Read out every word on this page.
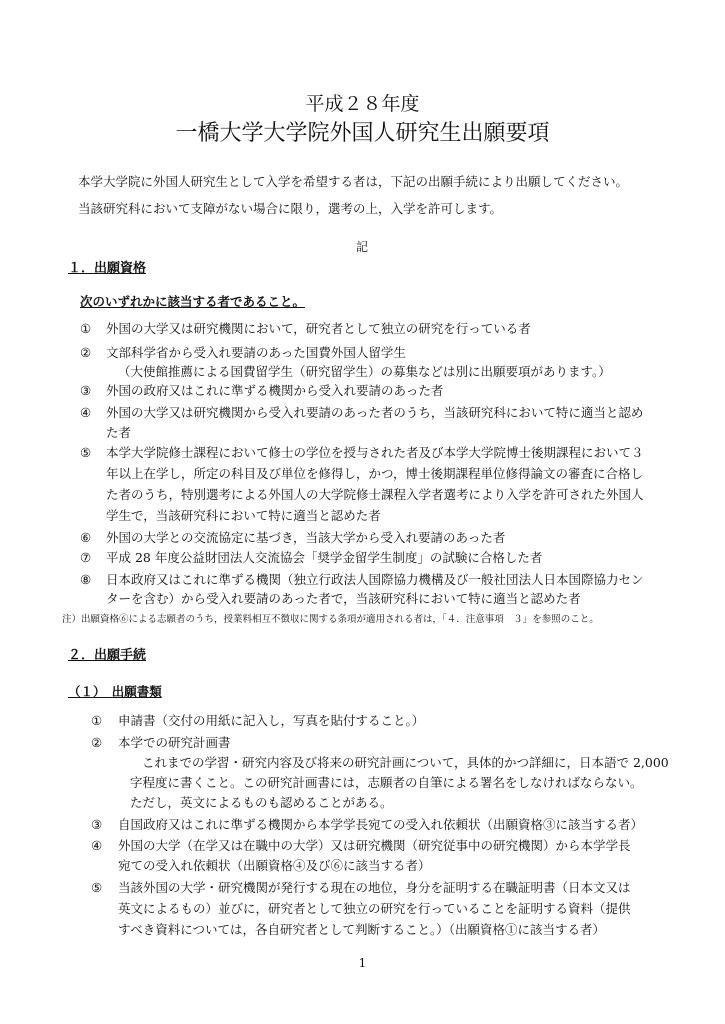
平成２８年度
一橋大学大学院外国人研究生出願要項
本学大学院に外国人研究生として入学を希望する者は，下記の出願手続により出願してください。
当該研究科において支障がない場合に限り，選考の上，入学を許可します。
記
１．出願資格
次のいずれかに該当する者であること。
① 外国の大学又は研究機関において，研究者として独立の研究を行っている者
② 文部科学省から受入れ要請のあった国費外国人留学生
（大使館推薦による国費留学生（研究留学生）の募集などは別に出願要項があります。）
③ 外国の政府又はこれに準ずる機関から受入れ要請のあった者
④ 外国の大学又は研究機関から受入れ要請のあった者のうち，当該研究科において特に適当と認め
た者
⑤ 本学大学院修士課程において修士の学位を授与された者及び本学大学院博士後期課程において３
年以上在学し，所定の科目及び単位を修得し，かつ，博士後期課程単位修得論文の審査に合格し
た者のうち，特別選考による外国人の大学院修士課程入学者選考により入学を許可された外国人
学生で，当該研究科において特に適当と認めた者
⑥ 外国の大学との交流協定に基づき，当該大学から受入れ要請のあった者
⑦ 平成 28 年度公益財団法人交流協会「奨学金留学生制度」の試験に合格した者
⑧ 日本政府又はこれに準ずる機関（独立行政法人国際協力機構及び一般社団法人日本国際協力セン
ターを含む）から受入れ要請のあった者で，当該研究科において特に適当と認めた者
注）出願資格⑥による志願者のうち，授業料相互不徴収に関する条項が適用される者は，「４．注意事項　３」を参照のこと。
２．出願手続
（１）　出願書類
① 申請書（交付の用紙に記入し，写真を貼付すること。）
② 本学での研究計画書
これまでの学習・研究内容及び将来の研究計画について，具体的かつ詳細に，日本語で 2,000
字程度に書くこと。この研究計画書には，志願者の自筆による署名をしなければならない。
ただし，英文によるものも認めることがある。
③ 自国政府又はこれに準ずる機関から本学学長宛ての受入れ依頼状（出願資格③に該当する者）
④ 外国の大学（在学又は在職中の大学）又は研究機関（研究従事中の研究機関）から本学学長
宛ての受入れ依頼状（出願資格④及び⑥に該当する者）
⑤ 当該外国の大学・研究機関が発行する現在の地位，身分を証明する在職証明書（日本文又は
英文によるもの）並びに，研究者として独立の研究を行っていることを証明する資料（提供
すべき資料については，各自研究者として判断すること。）（出願資格①に該当する者）
1
